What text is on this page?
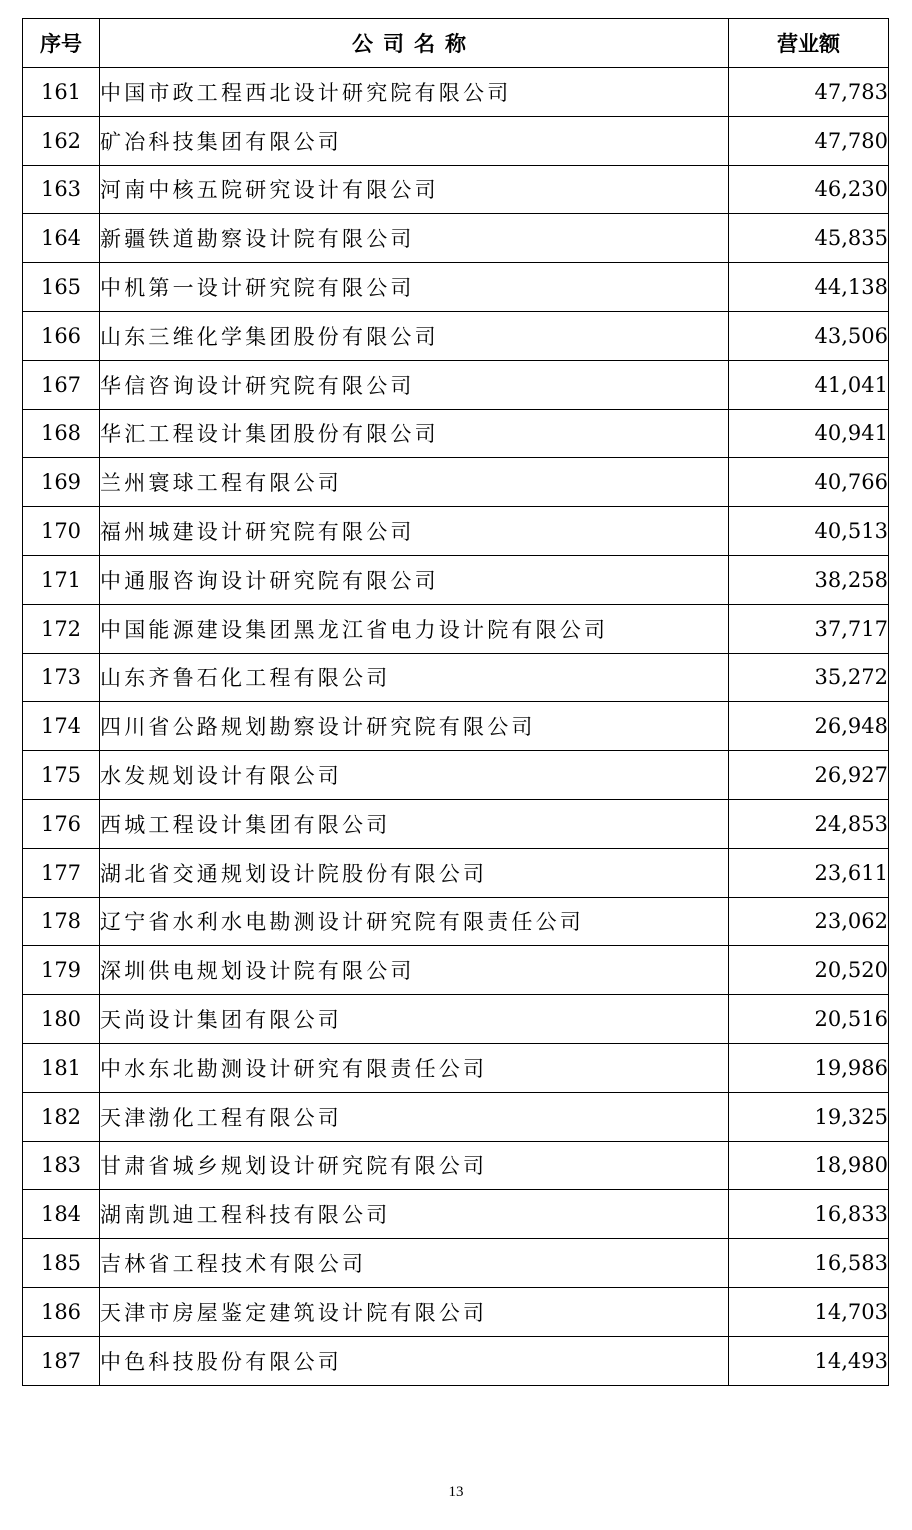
序号	公司名称	营业额
161	中国市政工程西北设计研究院有限公司	47,783
162	矿冶科技集团有限公司	47,780
163	河南中核五院研究设计有限公司	46,230
164	新疆铁道勘察设计院有限公司	45,835
165	中机第一设计研究院有限公司	44,138
166	山东三维化学集团股份有限公司	43,506
167	华信咨询设计研究院有限公司	41,041
168	华汇工程设计集团股份有限公司	40,941
169	兰州寰球工程有限公司	40,766
170	福州城建设计研究院有限公司	40,513
171	中通服咨询设计研究院有限公司	38,258
172	中国能源建设集团黑龙江省电力设计院有限公司	37,717
173	山东齐鲁石化工程有限公司	35,272
174	四川省公路规划勘察设计研究院有限公司	26,948
175	水发规划设计有限公司	26,927
176	西城工程设计集团有限公司	24,853
177	湖北省交通规划设计院股份有限公司	23,611
178	辽宁省水利水电勘测设计研究院有限责任公司	23,062
179	深圳供电规划设计院有限公司	20,520
180	天尚设计集团有限公司	20,516
181	中水东北勘测设计研究有限责任公司	19,986
182	天津渤化工程有限公司	19,325
183	甘肃省城乡规划设计研究院有限公司	18,980
184	湖南凯迪工程科技有限公司	16,833
185	吉林省工程技术有限公司	16,583
186	天津市房屋鉴定建筑设计院有限公司	14,703
187	中色科技股份有限公司	14,493
13
